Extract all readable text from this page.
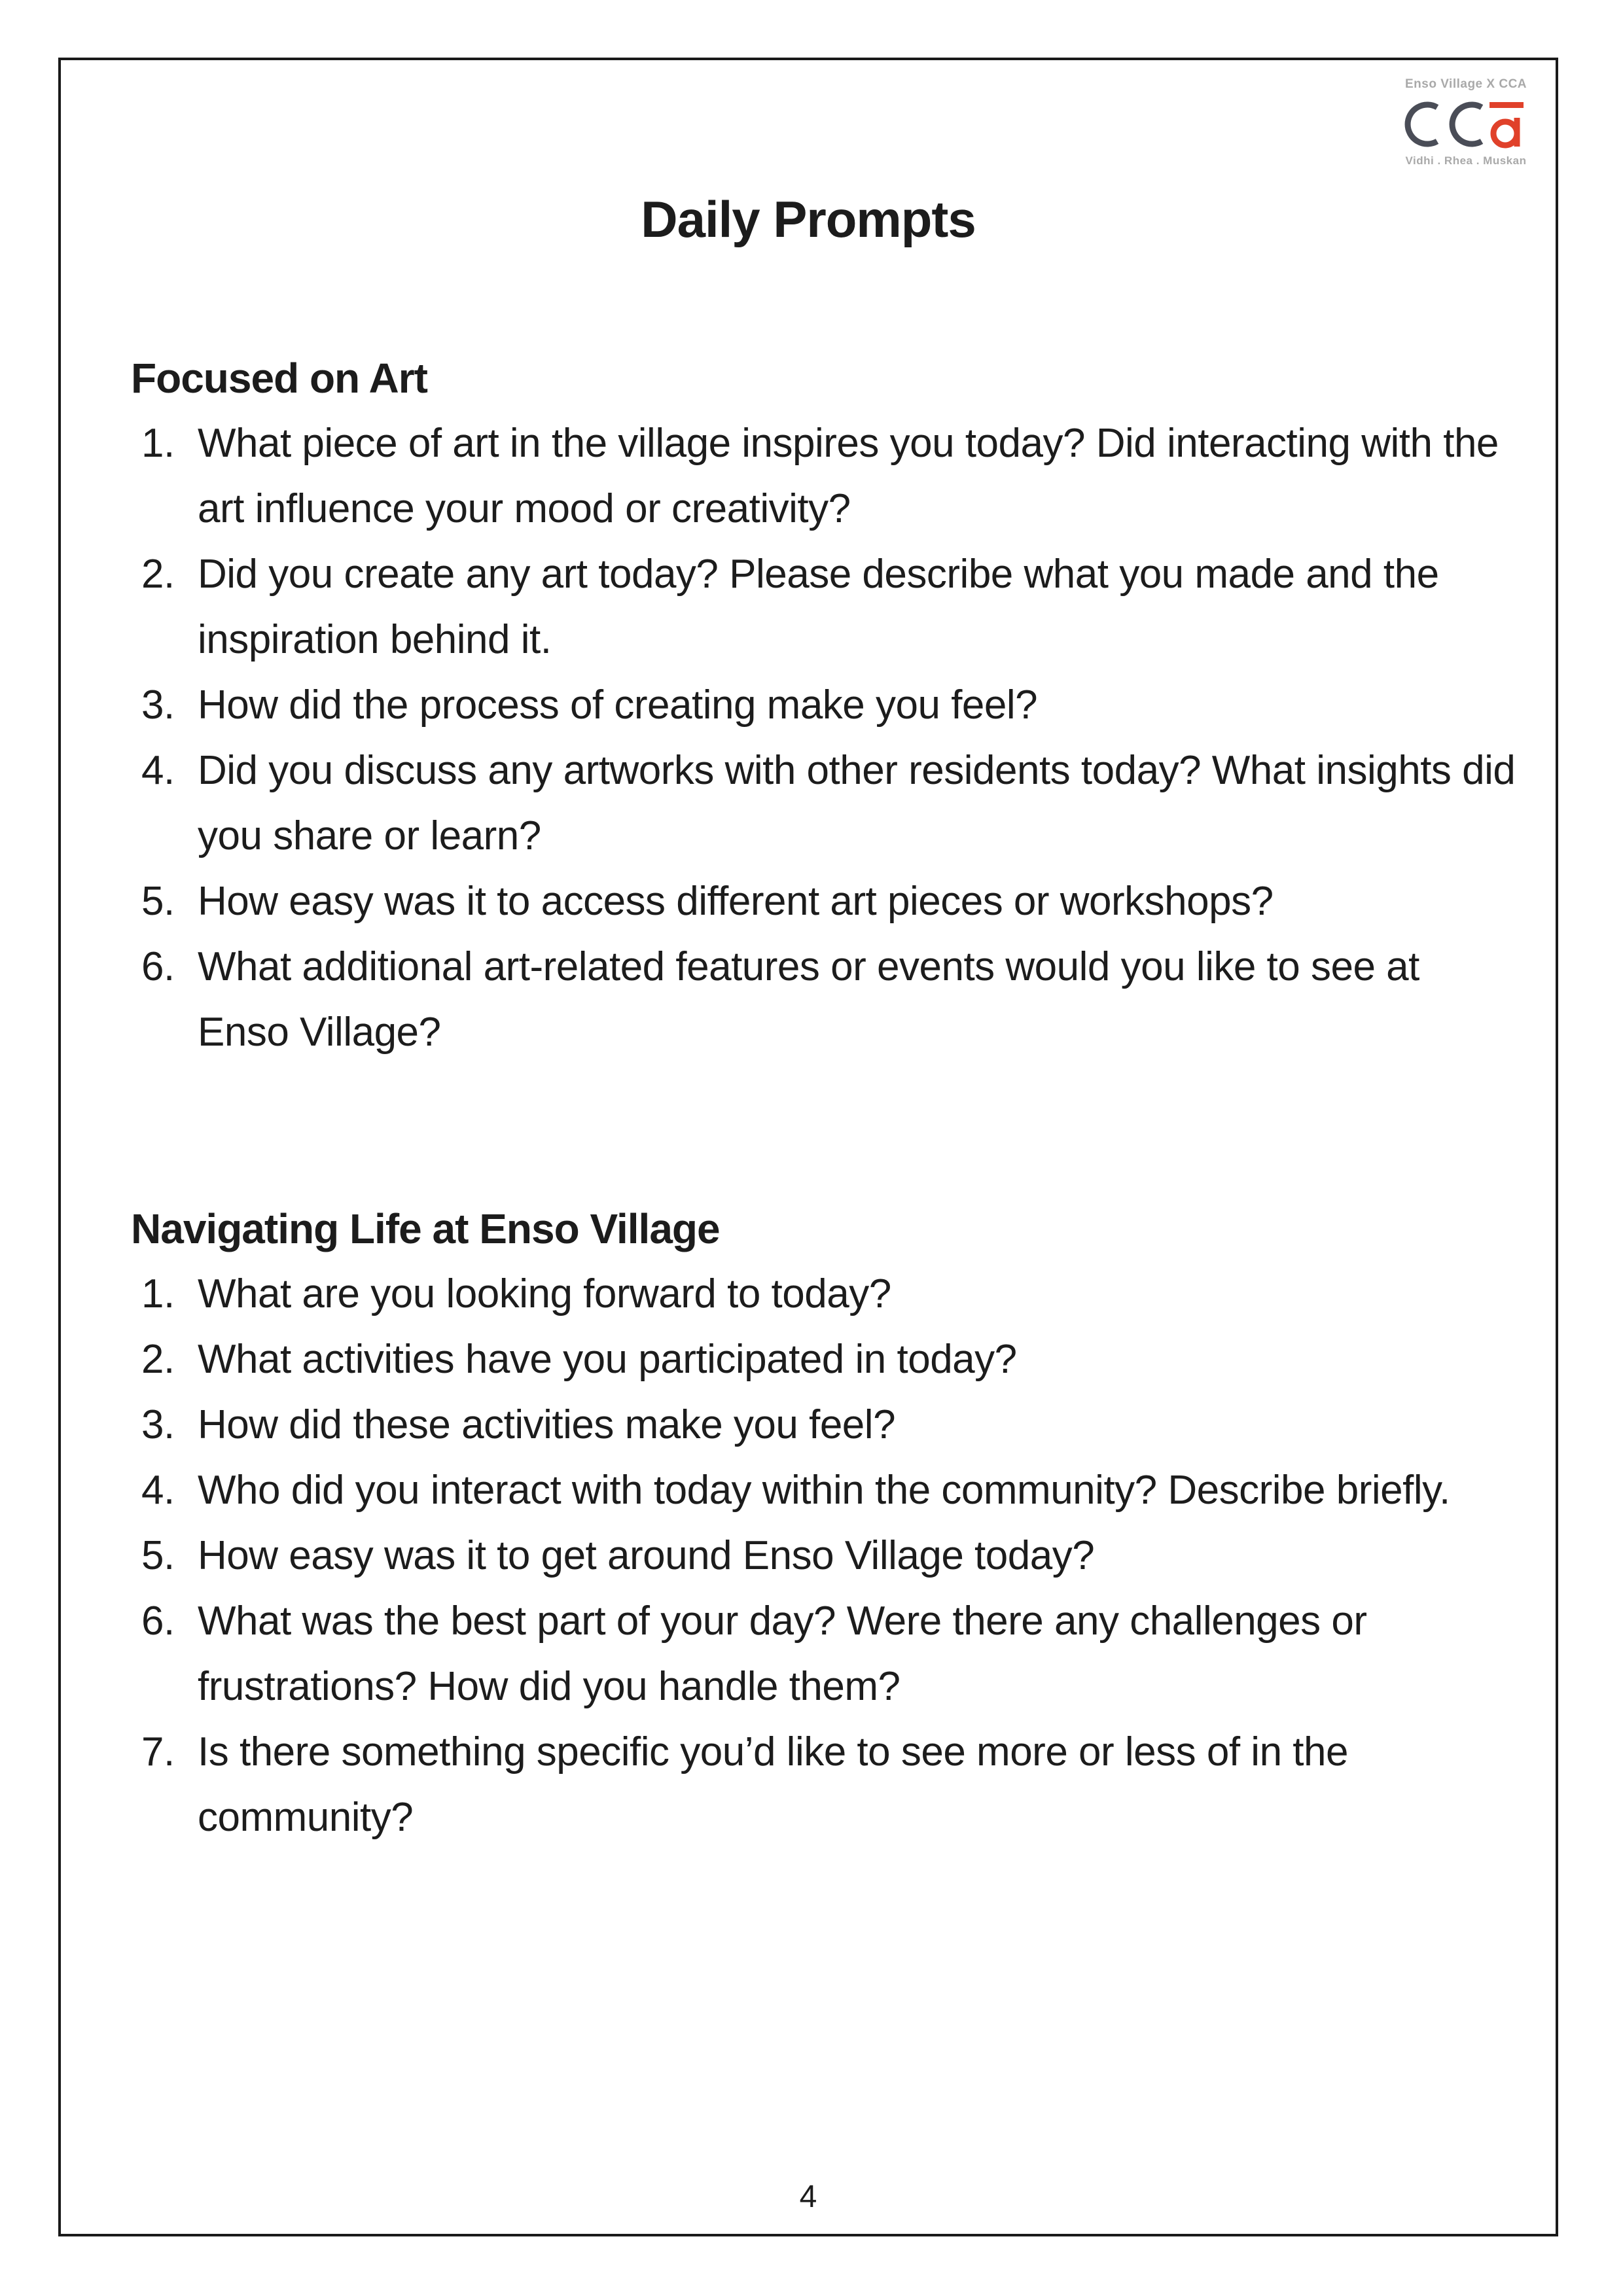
Enso Village X CCA
Vidhi . Rhea . Muskan
Daily Prompts
Focused on Art
1. What piece of art in the village inspires you today? Did interacting with the art influence your mood or creativity?
2. Did you create any art today? Please describe what you made and the inspiration behind it.
3. How did the process of creating make you feel?
4. Did you discuss any artworks with other residents today? What insights did you share or learn?
5. How easy was it to access different art pieces or workshops?
6. What additional art-related features or events would you like to see at Enso Village?
Navigating Life at Enso Village
1. What are you looking forward to today?
2. What activities have you participated in today?
3. How did these activities make you feel?
4. Who did you interact with today within the community? Describe briefly.
5. How easy was it to get around Enso Village today?
6. What was the best part of your day? Were there any challenges or frustrations? How did you handle them?
7. Is there something specific you’d like to see more or less of in the community?
4
